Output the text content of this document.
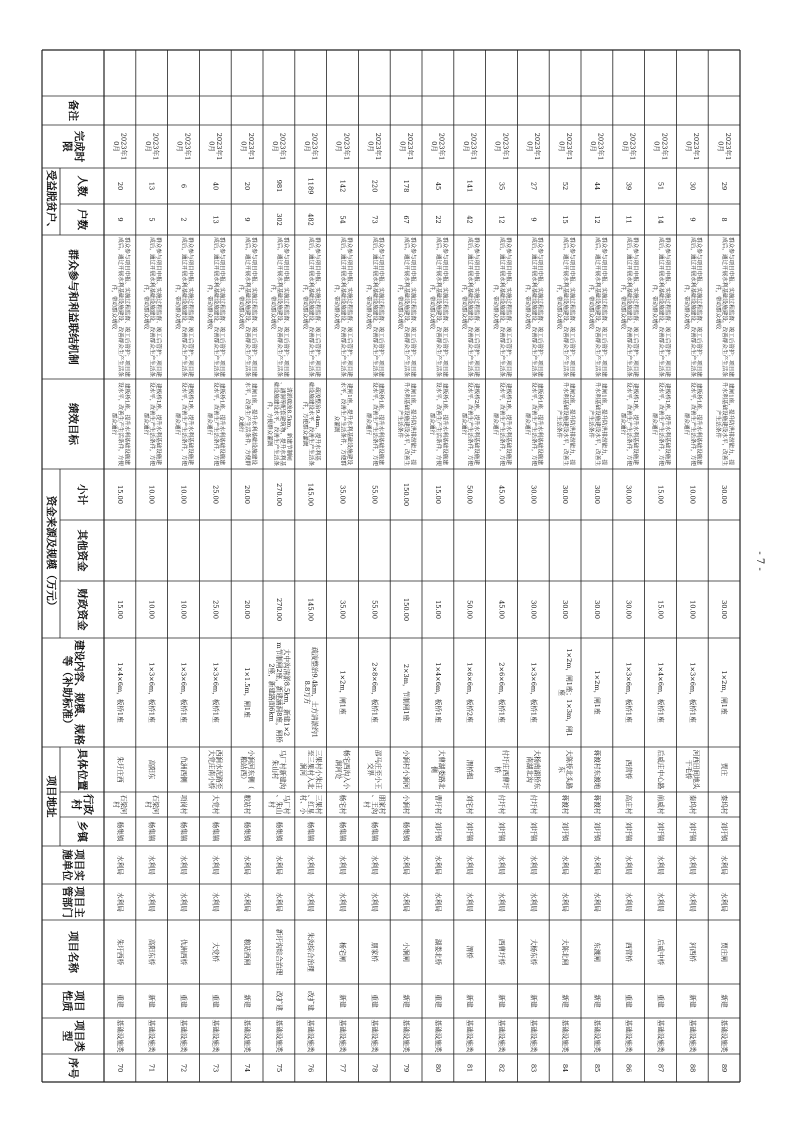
序号
项目类
型
项目
性质
项目名称
项目主
管部门
项目实
施单位
乡镇
行政
村
具体位置
建设内容、规模、规格
等（补助标准）
财政资金
其他资金
小计
绩效目标
群众参与和利益联结机制
户数
人数
完成时
限
备注
项目地址
资金来源及规模（万元）
受益脱贫户、
70
基础设施类
重建
朱圩西桥
水利局
水利局
杨集镇
石梁河
村
朱圩庄西
1×4×6m，板桥1座
15.00
15.00
建板桥1座，提升水利基础设施建
设水平，改善生产生活条件，方便
群众通行
群众参与项目申报、实施过程监督、竣工后管护；项目建
成后，通过开展水利基础设施建设，改善群众生产生活条
件，带动群众增收
9
20
2023年1
0月
71
基础设施类
新建
高阳东桥
水利局
水利局
杨集镇
石梁河
村
高阳东
1×3×6m，板桥1座
10.00
10.00
建板桥1座，提升水利基础设施建
设水平，改善生产生活条件，方便
群众通行
群众参与项目申报、实施过程监督、竣工后管护；项目建
成后，通过开展水利基础设施建设，改善群众生产生活条
件，带动群众增收
5
13
2023年1
0月
72
基础设施类
重建
仇洲西桥
水利局
水利局
杨集镇
项岗村
仇洲西侧
1×3×6m，板桥1座
10.00
10.00
建板桥1座，提升水利基础设施建
设水平，改善生产生活条件，方便
群众通行
群众参与项目申报、实施过程监督、竣工后管护；项目建
成后，通过开展水利基础设施建设，改善群众生产生活条
件，带动群众增收
2
6
2023年1
0月
73
基础设施类
重建
大党桥
水利局
水利局
杨集镇
大党村
西涧水泥路至
大党庄南小桥
1×3×6m，板桥1座
25.00
25.00
建板桥1座，提升水利基础设施建
设水平，改善生产生活条件，方便
群众通行
群众参与项目申报、实施过程监督、竣工后管护；项目建
成后，通过开展水利基础设施建设，改善群众生产生活条
件，带动群众增收
13
40
2023年1
0月
74
基础设施类
新建
粮站西闸
水利局
水利局
杨集镇
粮站村
小涧河东侧（
粮站西）
1×1.5m，闸1座
20.00
20.00
建闸1座，提升水利基础设施建设
水平，改善生产生活条件，方便群
众通行
群众参与项目申报、实施过程监督、竣工后管护；项目建
成后，通过开展水利基础设施建设，改善群众生产生活条
件，带动群众增收
9
20
2023年1
0月
75
基础设施类
改扩建
新圩沟综合治理
水利局
水利局
杨集镇
马厂村
、朱山
村
马厂村新建沟
朱山村
大中沟清淤8.5km，新建1×2
m节制闸2座，新建涵洞8座，闸桥
2座，新建路面6km
270.00
270.00
清淤疏浚8.5km，新建节制闸
、涵洞等配套建筑物，提升水利基
础设施建设水平，改善生产生活条
件，方便群众灌溉
群众参与项目申报、实施过程监督、竣工后管护；项目建
成后，通过开展水利基础设施建设，改善群众生产生活条
件，带动群众增收
302
981
2023年1
0月
76
基础设施类
改扩建
朱沟综合治理
水利局
水利局
杨集镇
三果村
、红星
村、小
三果村小朱庄
至三果村入北
涧河
疏浚整治9.4km，土方清淤约1
8.8万方
145.00
145.00
疏浚整治9.4km，提升水利基
础设施建设水平，改善生产生活条
件，方便群众灌溉
群众参与项目申报、实施过程监督、竣工后管护；项目建
成后，通过开展水利基础设施建设，改善群众生产生活条
件，带动群众增收
482
1189
2023年1
0月
77
基础设施类
新建
杨宅闸
水利局
水利局
杨集镇
杨宅村
杨宅西沟入小
涧河处
1×2m，闸1座
35.00
35.00
建闸1座，提升水利基础设施建设
水平，改善生产生活条件，方便群
众灌溉
群众参与项目申报、实施过程监督、竣工后管护；项目建
成后，通过开展水利基础设施建设，改善群众生产生活条
件，带动群众增收
54
142
2023年1
0月
78
基础设施类
重建
朋家桥
水利局
水利局
杨集镇
朋家村
、王沟
村
邵马庄至小王
交界
2×8×6m，板桥1座
55.00
55.00
建板桥1座，提升水利基础设施建
设水平，改善生产生活条件，方便
群众通行
群众参与项目申报、实施过程监督、竣工后管护；项目建
成后，通过开展水利基础设施建设，改善群众生产生活条
件，带动群众增收
73
220
2023年1
0月
79
基础设施类
新建
小涧闸
水利局
水利局
杨集镇
小涧村
小涧村小涧河
2×3m，节制闸1座
150.00
150.00
建闸1座，提升防洪排涝能力，提
升水利基础设施建设水平，改善生
产生活条件
群众参与项目申报、实施过程监督、竣工后管护；项目建
成后，通过开展水利基础设施建设，改善群众生产生活条
件，带动群众增收
67
178
2023年1
0月
80
基础设施类
重建
湖娄北桥
水利局
水利局
刘圩镇
曹圩村
大曹湖娄路北
侧
1×4×6m，板桥1座
15.00
15.00
建板桥1座，提升水利基础设施建
设水平，改善生产生活条件，方便
群众通行
群众参与项目申报、实施过程监督、竣工后管护；项目建
成后，通过开展水利基础设施建设，改善群众生产生活条
件，带动群众增收
22
45
2023年1
0月
81
基础设施类
新建
渭桥
水利局
水利局
刘圩镇
刘宅村
渭桥组
1×6×6m，板桥2座
50.00
50.00
建板桥2座，提升水利基础设施建
设水平，改善生产生活条件，方便
群众通行
群众参与项目申报、实施过程监督、竣工后管护；项目建
成后，通过开展水利基础设施建设，改善群众生产生活条
件，带动群众增收
42
141
2023年1
0月
82
基础设施类
新建
西曹圩桥
水利局
水利局
刘圩镇
付圩村
付圩庄西曹圩
桥
2×6×6m，板桥1座
45.00
45.00
建板桥1座，提升水利基础设施建
设水平，改善生产生活条件，方便
群众通行
群众参与项目申报、实施过程监督、竣工后管护；项目建
成后，通过开展水利基础设施建设，改善群众生产生活条
件，带动群众增收
12
35
2023年1
0月
83
基础设施类
新建
大杨东桥
水利局
水利局
刘圩镇
付圩村
大杨南湖桥东
南湖北沟
1×3×6m，板桥1座
30.00
30.00
建板桥1座，提升水利基础设施建
设水平，改善生产生活条件，方便
群众通行
群众参与项目申报、实施过程监督、竣工后管护；项目建
成后，通过开展水利基础设施建设，改善群众生产生活条
件，带动群众增收
9
27
2023年1
0月
84
基础设施类
新建
大陈北闸
水利局
水利局
刘圩镇
蒋渡村
大陈桥北头路
东
1×2m，闸1座；1×3m，闸1
座
30.00
30.00
建闸2座，提升防洪排涝能力，提
升水利基础设施建设水平，改善生
产生活条件
群众参与项目申报、实施过程监督、竣工后管护；项目建
成后，通过开展水利基础设施建设，改善群众生产生活条
件，带动群众增收
15
52
2023年1
0月
85
基础设施类
新建
东渡闸
水利局
水利局
刘圩镇
蒋渡村
蒋渡村东渡地
1×2m，闸1座
30.00
30.00
建闸1座，提升防洪排涝能力，提
升水利基础设施建设水平，改善生
产生活条件
群众参与项目申报、实施过程监督、竣工后管护；项目建
成后，通过开展水利基础设施建设，改善群众生产生活条
件，带动群众增收
12
44
2023年1
0月
86
基础设施类
重建
西营桥
水利局
水利局
刘圩镇
高庄村
西营桥
1×3×6m，板桥1座
30.00
30.00
建板桥1座，提升水利基础设施建
设水平，改善生产生活条件，方便
群众通行
群众参与项目申报、实施过程监督、竣工后管护；项目建
成后，通过开展水利基础设施建设，改善群众生产生活条
件，带动群众增收
11
39
2023年1
0月
87
基础设施类
重建
后威中桥
水利局
水利局
刘圩镇
前威村
后威庄中心路
1×4×6m，板桥1座
15.00
15.00
建板桥1座，提升水利基础设施建
设水平，改善生产生活条件，方便
群众通行
群众参与项目申报、实施过程监督、竣工后管护；项目建
成后，通过开展水利基础设施建设，改善群众生产生活条
件，带动群众增收
14
51
2023年1
0月
88
基础设施类
新建
河西桥
水利局
水利局
刘圩镇
秦坞村
河西田间地头
干毛桥
1×3×6m，板桥1座
10.00
10.00
建板桥1座，提升水利基础设施建
设水平，改善生产生活条件，方便
群众通行
群众参与项目申报、实施过程监督、竣工后管护；项目建
成后，通过开展水利基础设施建设，改善群众生产生活条
件，带动群众增收
9
30
2023年1
0月
89
基础设施类
新建
贾庄闸
水利局
水利局
刘圩镇
秦坞村
贾庄
1×2m，闸1座
30.00
30.00
建闸1座，提升防洪排涝能力，提
升水利基础设施建设水平，改善生
产生活条件
群众参与项目申报、实施过程监督、竣工后管护；项目建
成后，通过开展水利基础设施建设，改善群众生产生活条
件，带动群众增收
8
29
2023年1
0月
- 7 -
